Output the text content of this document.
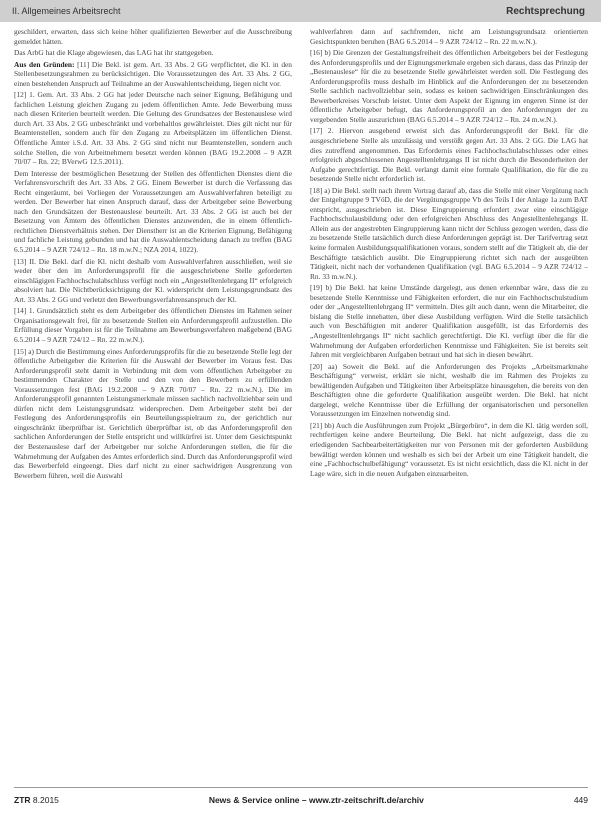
II. Allgemeines Arbeitsrecht	Rechtsprechung

geschildert, erwarten, dass sich keine höher qualifizierten Bewerber auf die Ausschreibung gemeldet hätten.

Das ArbG hat die Klage abgewiesen, das LAG hat ihr stattgegeben.

Aus den Gründen: [11] Die Bekl. ist gem. Art. 33 Abs. 2 GG verpflichtet, die Kl. in den Stellenbesetzungsrahmen zu berücksichtigen. Die Voraussetzungen des Art. 33 Abs. 2 GG, einen bestehenden Anspruch auf Teilnahme an der Auswahlentscheidung, liegen nicht vor.

[12] 1. Gem. Art. 33 Abs. 2 GG hat jeder Deutsche nach seiner Eignung, Befähigung und fachlichen Leistung gleichen Zugang zu jedem öffentlichen Amte. Jede Bewerbung muss nach diesen Kriterien beurteilt werden. Die Geltung des Grundsatzes der Bestenauslese wird durch Art. 33 Abs. 2 GG unbeschränkt und vorbehaltlos gewährleistet. Dies gilt nicht nur für Beamtenstellen, sondern auch für den Zugang zu Arbeitsplätzen im öffentlichen Dienst. Öffentliche Ämter i.S.d. Art. 33 Abs. 2 GG sind nicht nur Beamtenstellen, sondern auch solche Stellen, die von Arbeitnehmern besetzt werden können (BAG 19.2.2008 – 9 AZR 70/07 – Rn. 22; BVerwG 12.5.2011).

Dem Interesse der bestmöglichen Besetzung der Stellen des öffentlichen Dienstes dient die Verfahrensvorschrift des Art. 33 Abs. 2 GG. Einem Bewerber ist durch die Verfassung das Recht eingeräumt, bei Vorliegen der Voraussetzungen am Auswahlverfahren beteiligt zu werden. Der Bewerber hat einen Anspruch darauf, dass der Arbeitgeber seine Bewerbung nach den Grundsätzen der Bestenauslese beurteilt. Art. 33 Abs. 2 GG ist auch bei der Besetzung von Ämtern des öffentlichen Dienstes anzuwenden, die in einem öffentlich-rechtlichen Dienstverhältnis stehen. Der Dienstherr ist an die Kriterien Eignung, Befähigung und fachliche Leistung gebunden und hat die Auswahlentscheidung danach zu treffen (BAG 6.5.2014 – 9 AZR 724/12 – Rn. 18 m.w.N.; NZA 2014, 1022).

[13] II. Die Bekl. darf die Kl. nicht deshalb vom Auswahlverfahren ausschließen, weil sie weder über den im Anforderungsprofil für die ausgeschriebene Stelle geforderten einschlägigen Fachhochschulabschluss verfügt noch ein „Angestelltenlehrgang II“ erfolgreich absolviert hat. Die Nichtberücksichtigung der Kl. widerspricht dem Leistungsgrundsatz des Art. 33 Abs. 2 GG und verletzt den Bewerbungsverfahrensanspruch der Kl.

[14] 1. Grundsätzlich steht es dem Arbeitgeber des öffentlichen Dienstes im Rahmen seiner Organisationsgewalt frei, für zu besetzende Stellen ein Anforderungsprofil aufzustellen. Die Erfüllung dieser Vorgaben ist für die Teilnahme am Bewerbungsverfahren maßgebend (BAG 6.5.2014 – 9 AZR 724/12 – Rn. 22 m.w.N.).

[15] a) Durch die Bestimmung eines Anforderungsprofils für die zu besetzende Stelle legt der öffentliche Arbeitgeber die Kriterien für die Auswahl der Bewerber im Voraus fest. Das Anforderungsprofil steht damit in Verbindung mit dem vom öffentlichen Arbeitgeber zu bestimmenden Charakter der Stelle und den von den Bewerbern zu erfüllenden Voraussetzungen fest (BAG 19.2.2008 – 9 AZR 70/07 – Rn. 22 m.w.N.). Die im Anforderungsprofil genannten Leistungsmerkmale müssen sachlich nachvollziehbar sein und dürfen nicht dem Leistungsgrundsatz widersprechen. Dem Arbeitgeber steht bei der Festlegung des Anforderungsprofils ein Beurteilungsspielraum zu, der gerichtlich nur eingeschränkt überprüfbar ist. Gerichtlich überprüfbar ist, ob das Anforderungsprofil den sachlichen Anforderungen der Stelle entspricht und willkürfrei ist. Unter dem Gesichtspunkt der Bestenauslese darf der Arbeitgeber nur solche Anforderungen stellen, die für die Wahrnehmung der Aufgaben des Amtes erforderlich sind. Durch das Anforderungsprofil wird das Bewerberfeld eingeengt. Dies darf nicht zu einer sachwidrigen Ausgrenzung von Bewerbern führen, weil die Auswahl

wahlverfahren dann auf sachfremden, nicht am Leistungsgrundsatz orientierten Gesichtspunkten beruhen (BAG 6.5.2014 – 9 AZR 724/12 – Rn. 22 m.w.N.).

[16] b) Die Grenzen der Gestaltungsfreiheit des öffentlichen Arbeitgebers bei der Festlegung des Anforderungsprofils und der Eignungsmerkmale ergeben sich daraus, dass das Prinzip der „Bestenauslese“ für die zu besetzende Stelle gewährleistet werden soll. Die Festlegung des Anforderungsprofils muss deshalb im Hinblick auf die Anforderungen der zu besetzenden Stelle sachlich nachvollziehbar sein, sodass es keinen sachwidrigen Einschränkungen des Bewerberkreises Vorschub leistet. Unter dem Aspekt der Eignung im engeren Sinne ist der öffentliche Arbeitgeber befugt, das Anforderungsprofil an den Anforderungen der zu vergebenden Stelle auszurichten (BAG 6.5.2014 – 9 AZR 724/12 – Rn. 24 m.w.N.).

[17] 2. Hiervon ausgehend erweist sich das Anforderungsprofil der Bekl. für die ausgeschriebene Stelle als unzulässig und verstößt gegen Art. 33 Abs. 2 GG. Die LAG hat dies zutreffend angenommen. Das Erfordernis eines Fachhochschulabschlusses oder eines erfolgreich abgeschlossenen Angestelltenlehrgangs II ist nicht durch die Besonderheiten der Aufgabe gerechtfertigt. Die Bekl. verlangt damit eine formale Qualifikation, die für die zu besetzende Stelle nicht erforderlich ist.

[18] a) Die Bekl. stellt nach ihrem Vortrag darauf ab, dass die Stelle mit einer Vergütung nach der Entgeltgruppe 9 TVöD, die der Vergütungsgruppe Vb des Teils I der Anlage 1a zum BAT entspricht, ausgeschrieben ist. Diese Eingruppierung erfordert zwar eine einschlägige Fachhochschulausbildung oder den erfolgreichen Abschluss des Angestelltenlehrgangs II. Allein aus der angestrebten Eingruppierung kann nicht der Schluss gezogen werden, dass die zu besetzende Stelle tatsächlich durch diese Anforderungen geprägt ist. Der Tarifvertrag setzt keine formalen Ausbildungsqualifikationen voraus, sondern stellt auf die Tätigkeit ab, die der Beschäftigte tatsächlich ausübt. Die Eingruppierung richtet sich nach der ausgeübten Tätigkeit, nicht nach der vorhandenen Qualifikation (vgl. BAG 6.5.2014 – 9 AZR 724/12 – Rn. 33 m.w.N.).

[19] b) Die Bekl. hat keine Umstände dargelegt, aus denen erkennbar wäre, dass die zu besetzende Stelle Kenntnisse und Fähigkeiten erfordert, die nur ein Fachhochschulstudium oder der „Angestelltenlehrgang II“ vermitteln. Dies gilt auch dann, wenn die Mitarbeiter, die bislang die Stelle innehatten, über diese Ausbildung verfügten. Wird die Stelle tatsächlich auch von Beschäftigten mit anderer Qualifikation ausgefüllt, ist das Erfordernis des „Angestelltenlehrgangs II“ nicht sachlich gerechtfertigt. Die Kl. verfügt über die für die Wahrnehmung der Aufgaben erforderlichen Kenntnisse und Fähigkeiten. Sie ist bereits seit Jahren mit vergleichbaren Aufgaben betraut und hat sich in diesen bewährt.

[20] aa) Soweit die Bekl. auf die Anforderungen des Projekts „Arbeitsmarktnahe Beschäftigung“ verweist, erklärt sie nicht, weshalb die im Rahmen des Projekts zu bewältigenden Aufgaben und Tätigkeiten über Arbeitsplätze hinausgehen, die bereits von den Beschäftigten ohne die geforderte Qualifikation ausgeübt werden. Die Bekl. hat nicht dargelegt, welche Kenntnisse über die Erfüllung der organisatorischen und personellen Voraussetzungen im Einzelnen notwendig sind.

[21] bb) Auch die Ausführungen zum Projekt „Bürgerbüro“, in dem die Kl. tätig werden soll, rechtfertigen keine andere Beurteilung. Die Bekl. hat nicht aufgezeigt, dass die zu erledigenden Sachbearbeitertätigkeiten nur von Personen mit der geforderten Ausbildung bewältigt werden können und weshalb es sich bei der Arbeit um eine Tätigkeit handelt, die eine „Fachhochschulbefähigung“ voraussetzt. Es ist nicht ersichtlich, dass die Kl. nicht in der Lage wäre, sich in die neuen Aufgaben einzuarbeiten.

ZTR 8.2015	News & Service online – www.ztr-zeitschrift.de/archiv	449
